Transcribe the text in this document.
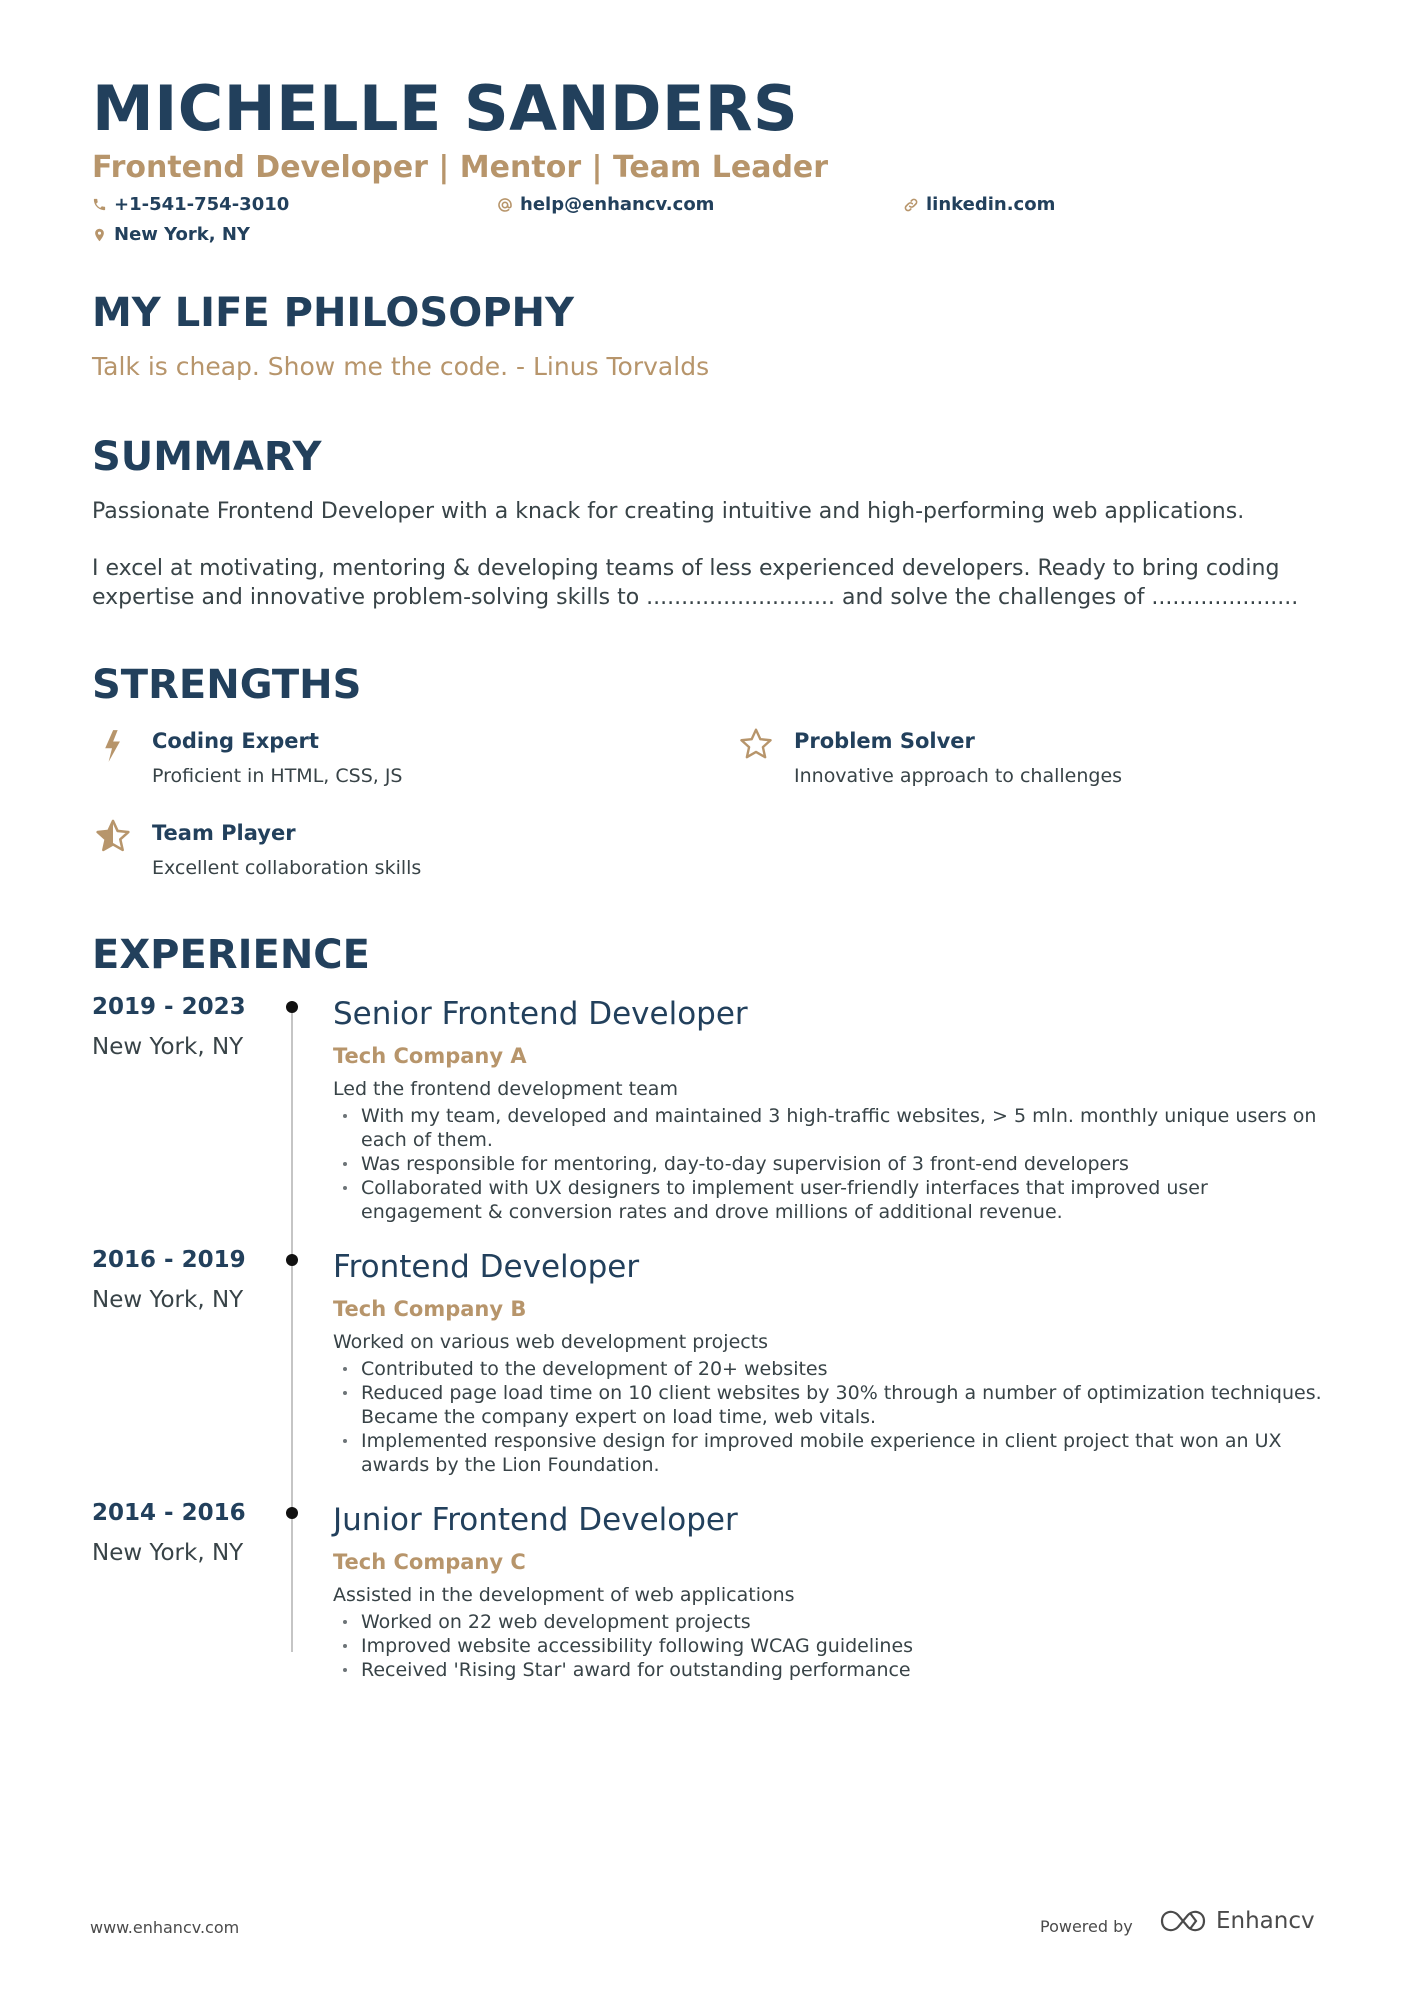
MICHELLE SANDERS
Frontend Developer | Mentor | Team Leader
+1-541-754-3010	help@enhancv.com	linkedin.com
New York, NY
MY LIFE PHILOSOPHY
Talk is cheap. Show me the code. - Linus Torvalds
SUMMARY
Passionate Frontend Developer with a knack for creating intuitive and high-performing web applications.
I excel at motivating, mentoring & developing teams of less experienced developers. Ready to bring coding expertise and innovative problem-solving skills to ........................... and solve the challenges of .....................
STRENGTHS
Coding Expert
Proficient in HTML, CSS, JS
Problem Solver
Innovative approach to challenges
Team Player
Excellent collaboration skills
EXPERIENCE
2019 - 2023
New York, NY
Senior Frontend Developer
Tech Company A
Led the frontend development team
With my team, developed and maintained 3 high-traffic websites, > 5 mln. monthly unique users on each of them.
Was responsible for mentoring, day-to-day supervision of 3 front-end developers
Collaborated with UX designers to implement user-friendly interfaces that improved user engagement & conversion rates and drove millions of additional revenue.
2016 - 2019
New York, NY
Frontend Developer
Tech Company B
Worked on various web development projects
Contributed to the development of 20+ websites
Reduced page load time on 10 client websites by 30% through a number of optimization techniques. Became the company expert on load time, web vitals.
Implemented responsive design for improved mobile experience in client project that won an UX awards by the Lion Foundation.
2014 - 2016
New York, NY
Junior Frontend Developer
Tech Company C
Assisted in the development of web applications
Worked on 22 web development projects
Improved website accessibility following WCAG guidelines
Received 'Rising Star' award for outstanding performance
www.enhancv.com	Powered by	Enhancv
